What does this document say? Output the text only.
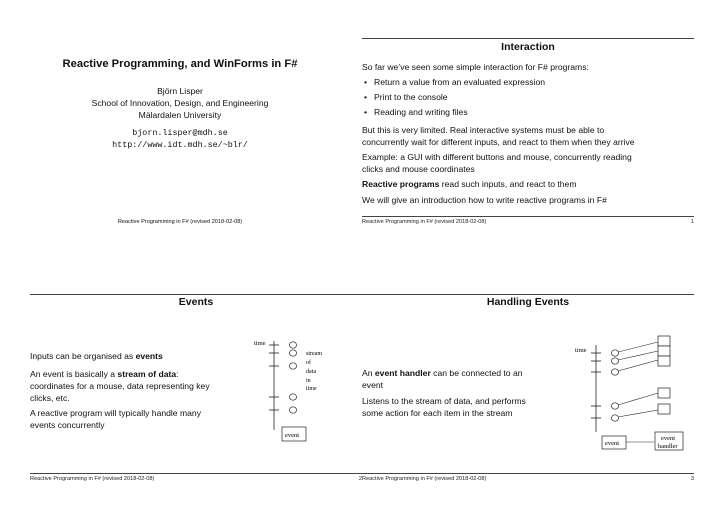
Reactive Programming, and WinForms in F#
Björn Lisper
School of Innovation, Design, and Engineering
Mälardalen University
bjorn.lisper@mdh.se
http://www.idt.mdh.se/~blr/
Reactive Programming in F# (revised 2018-02-08)
Interaction
So far we’ve seen some simple interaction for F# programs:
• Return a value from an evaluated expression
• Print to the console
• Reading and writing files
But this is very limited. Real interactive systems must be able to concurrently wait for different inputs, and react to them when they arrive
Example: a GUI with different buttons and mouse, concurrently reading clicks and mouse coordinates
Reactive programs read such inputs, and react to them
We will give an introduction how to write reactive programs in F#
Reactive Programming in F# (revised 2018-02-08)	1
Events
Inputs can be organised as events
An event is basically a stream of data: coordinates for a mouse, data representing key clicks, etc.
A reactive program will typically handle many events concurrently
time
stream
of
data
in
time
event
Reactive Programming in F# (revised 2018-02-08)	2
Handling Events
An event handler can be connected to an event
Listens to the stream of data, and performs some action for each item in the stream
time
event
event
handler
Reactive Programming in F# (revised 2018-02-08)	3
